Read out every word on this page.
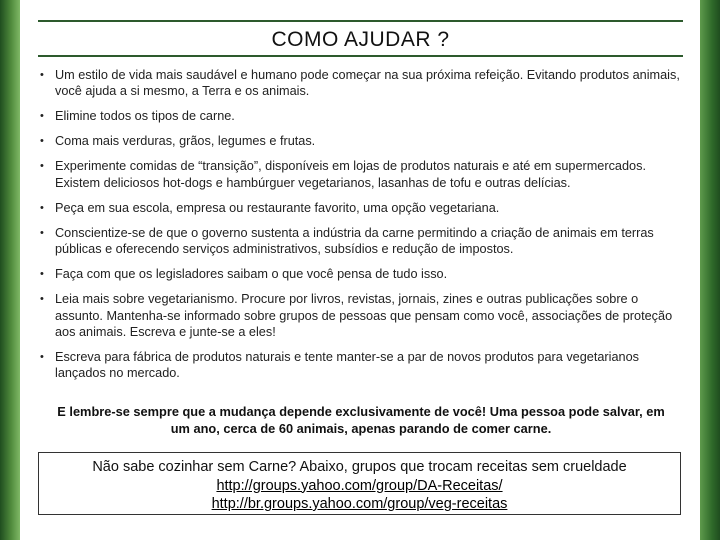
COMO AJUDAR ?
• Um estilo de vida mais saudável e humano pode começar na sua próxima refeição. Evitando produtos animais, você ajuda a si mesmo, a Terra e os animais.
• Elimine todos os tipos de carne.
• Coma mais verduras, grãos, legumes e frutas.
• Experimente comidas de “transição”, disponíveis em lojas de produtos naturais e até em supermercados. Existem deliciosos hot-dogs e hambúrguer vegetarianos, lasanhas de tofu e outras delícias.
• Peça em sua escola, empresa ou restaurante favorito, uma opção vegetariana.
• Conscientize-se de que o governo sustenta a indústria da carne permitindo a criação de animais em terras públicas e oferecendo serviços administrativos, subsídios e redução de impostos.
• Faça com que os legisladores saibam o que você pensa de tudo isso.
• Leia mais sobre vegetarianismo. Procure por livros, revistas, jornais, zines e outras publicações sobre o assunto. Mantenha-se informado sobre grupos de pessoas que pensam como você, associações de proteção aos animais. Escreva e junte-se a eles!
• Escreva para fábrica de produtos naturais e tente manter-se a par de novos produtos para vegetarianos lançados no mercado.
E lembre-se sempre que a mudança depende exclusivamente de você! Uma pessoa pode salvar, em um ano, cerca de 60 animais, apenas parando de comer carne.
Não sabe cozinhar sem Carne? Abaixo, grupos que trocam receitas sem crueldade
http://groups.yahoo.com/group/DA-Receitas/
http://br.groups.yahoo.com/group/veg-receitas
